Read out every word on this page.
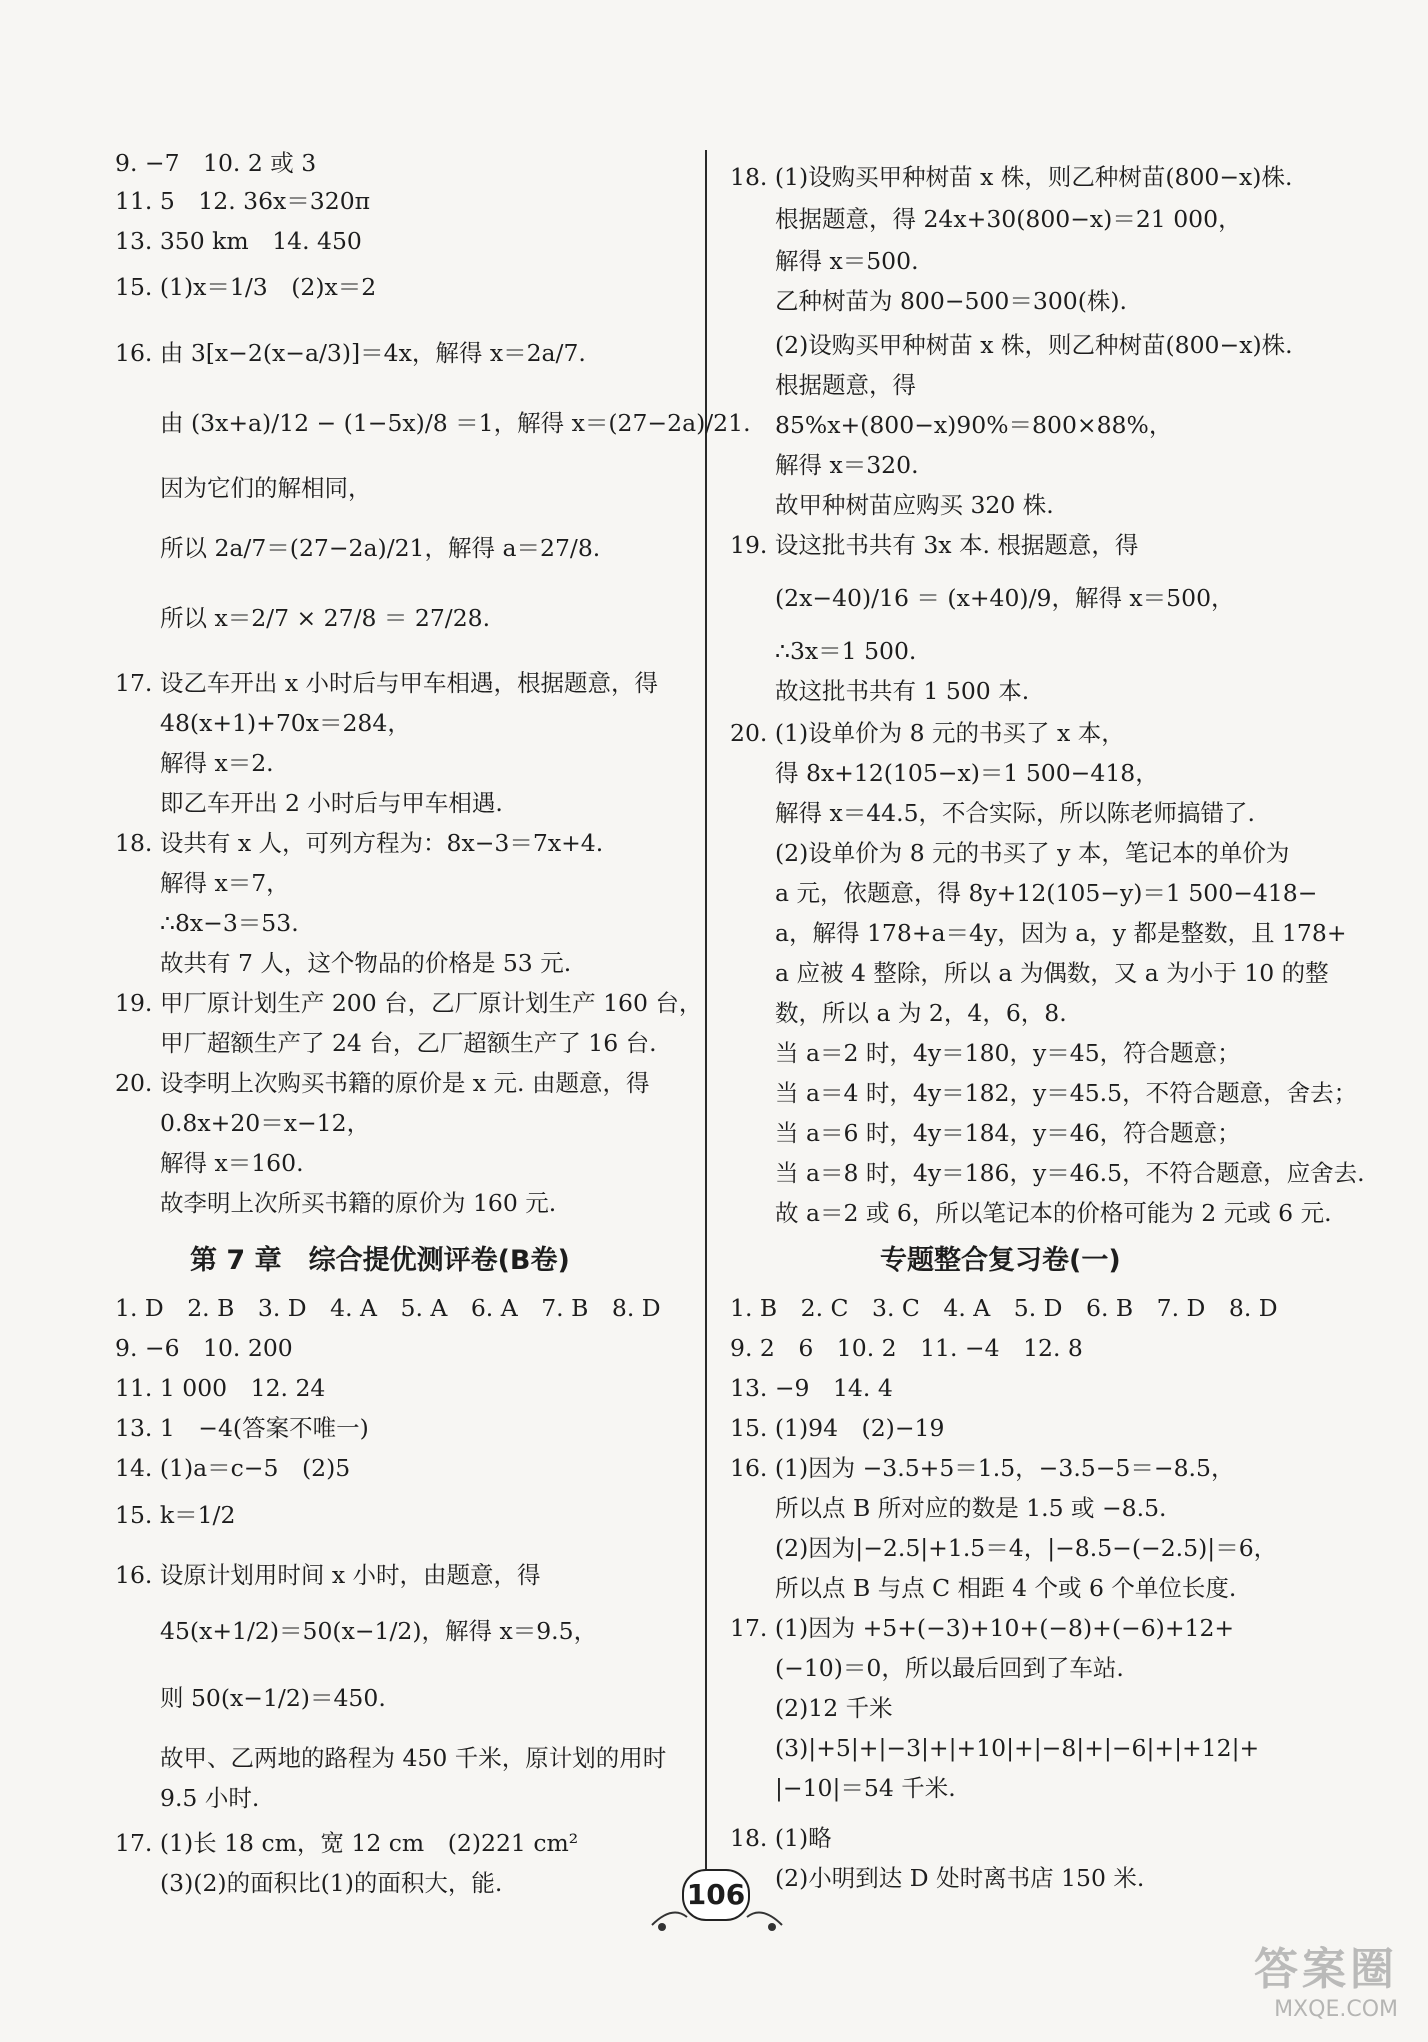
9. −7　10. 2 或 3
11. 5　12. 36x＝320π
13. 350 km　14. 450
15. (1)x＝1/3　(2)x＝2
16. 由 3[x−2(x−a/3)]＝4x，解得 x＝2a/7.
由 (3x+a)/12 − (1−5x)/8 ＝1，解得 x＝(27−2a)/21.
因为它们的解相同，
所以 2a/7＝(27−2a)/21，解得 a＝27/8.
所以 x＝2/7 × 27/8 ＝ 27/28.
17. 设乙车开出 x 小时后与甲车相遇，根据题意，得
48(x+1)+70x＝284，
解得 x＝2.
即乙车开出 2 小时后与甲车相遇.
18. 设共有 x 人，可列方程为：8x−3＝7x+4.
解得 x＝7，
∴8x−3＝53.
故共有 7 人，这个物品的价格是 53 元.
19. 甲厂原计划生产 200 台，乙厂原计划生产 160 台，
甲厂超额生产了 24 台，乙厂超额生产了 16 台.
20. 设李明上次购买书籍的原价是 x 元. 由题意，得
0.8x+20＝x−12，
解得 x＝160.
故李明上次所买书籍的原价为 160 元.
第 7 章　综合提优测评卷(B卷)
1. D　2. B　3. D　4. A　5. A　6. A　7. B　8. D
9. −6　10. 200
11. 1 000　12. 24
13. 1　−4(答案不唯一)
14. (1)a＝c−5　(2)5
15. k＝1/2
16. 设原计划用时间 x 小时，由题意，得
45(x+1/2)＝50(x−1/2)，解得 x＝9.5，
则 50(x−1/2)＝450.
故甲、乙两地的路程为 450 千米，原计划的用时
9.5 小时.
17. (1)长 18 cm，宽 12 cm　(2)221 cm²
(3)(2)的面积比(1)的面积大，能.
18. (1)设购买甲种树苗 x 株，则乙种树苗(800−x)株.
根据题意，得 24x+30(800−x)＝21 000，
解得 x＝500.
乙种树苗为 800−500＝300(株).
(2)设购买甲种树苗 x 株，则乙种树苗(800−x)株.
根据题意，得
85%x+(800−x)90%＝800×88%，
解得 x＝320.
故甲种树苗应购买 320 株.
19. 设这批书共有 3x 本. 根据题意，得
(2x−40)/16 ＝ (x+40)/9，解得 x＝500，
∴3x＝1 500.
故这批书共有 1 500 本.
20. (1)设单价为 8 元的书买了 x 本，
得 8x+12(105−x)＝1 500−418，
解得 x＝44.5，不合实际，所以陈老师搞错了.
(2)设单价为 8 元的书买了 y 本，笔记本的单价为
a 元，依题意，得 8y+12(105−y)＝1 500−418−
a，解得 178+a＝4y，因为 a，y 都是整数，且 178+
a 应被 4 整除，所以 a 为偶数，又 a 为小于 10 的整
数，所以 a 为 2，4，6，8.
当 a＝2 时，4y＝180，y＝45，符合题意；
当 a＝4 时，4y＝182，y＝45.5，不符合题意，舍去；
当 a＝6 时，4y＝184，y＝46，符合题意；
当 a＝8 时，4y＝186，y＝46.5，不符合题意，应舍去.
故 a＝2 或 6，所以笔记本的价格可能为 2 元或 6 元.
专题整合复习卷(一)
1. B　2. C　3. C　4. A　5. D　6. B　7. D　8. D
9. 2　6　10. 2　11. −4　12. 8
13. −9　14. 4
15. (1)94　(2)−19
16. (1)因为 −3.5+5＝1.5，−3.5−5＝−8.5，
所以点 B 所对应的数是 1.5 或 −8.5.
(2)因为|−2.5|+1.5＝4，|−8.5−(−2.5)|＝6，
所以点 B 与点 C 相距 4 个或 6 个单位长度.
17. (1)因为 +5+(−3)+10+(−8)+(−6)+12+
(−10)＝0，所以最后回到了车站.
(2)12 千米
(3)|+5|+|−3|+|+10|+|−8|+|−6|+|+12|+
|−10|＝54 千米.
18. (1)略
(2)小明到达 D 处时离书店 150 米.
106
答案圈
MXQE.COM
